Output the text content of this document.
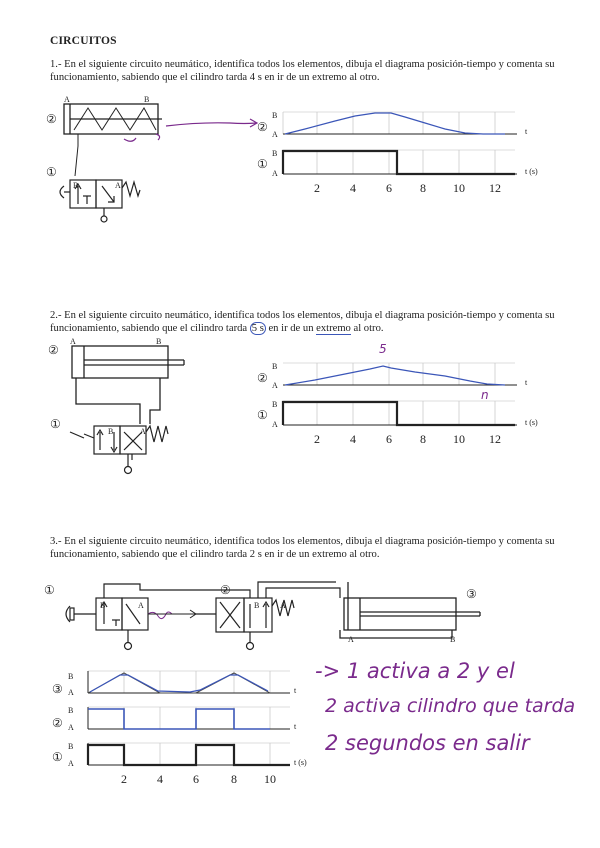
CIRCUITOS
1.- En el siguiente circuito neumático, identifica todos los elementos, dibuja el diagrama posición-tiempo y comenta su funcionamiento, sabiendo que el cilindro tarda 4 s en ir de un extremo al otro.
②
A	B
①
B	A
②
B
A	t
①
B
A	t (s)
2	4	6 8 10 12
2.- En el siguiente circuito neumático, identifica todos los elementos, dibuja el diagrama posición-tiempo y comenta su funcionamiento, sabiendo que el cilindro tarda 5 s en ir de un extremo al otro.
②
A	B
①
B	A
②
B
A	t
5
n
①
B
A	t (s)
2	4	6 8 10 12
3.- En el siguiente circuito neumático, identifica todos los elementos, dibuja el diagrama posición-tiempo y comenta su funcionamiento, sabiendo que el cilindro tarda 2 s en ir de un extremo al otro.
①
B	A
②
B	A
③
A	B
③
B
A	t
②
B
A	t
①
B
A	t (s)
2	4	6	8 10
-> 1 activa a 2 y el
2 activa cilindro que tarda
2 segundos en salir
